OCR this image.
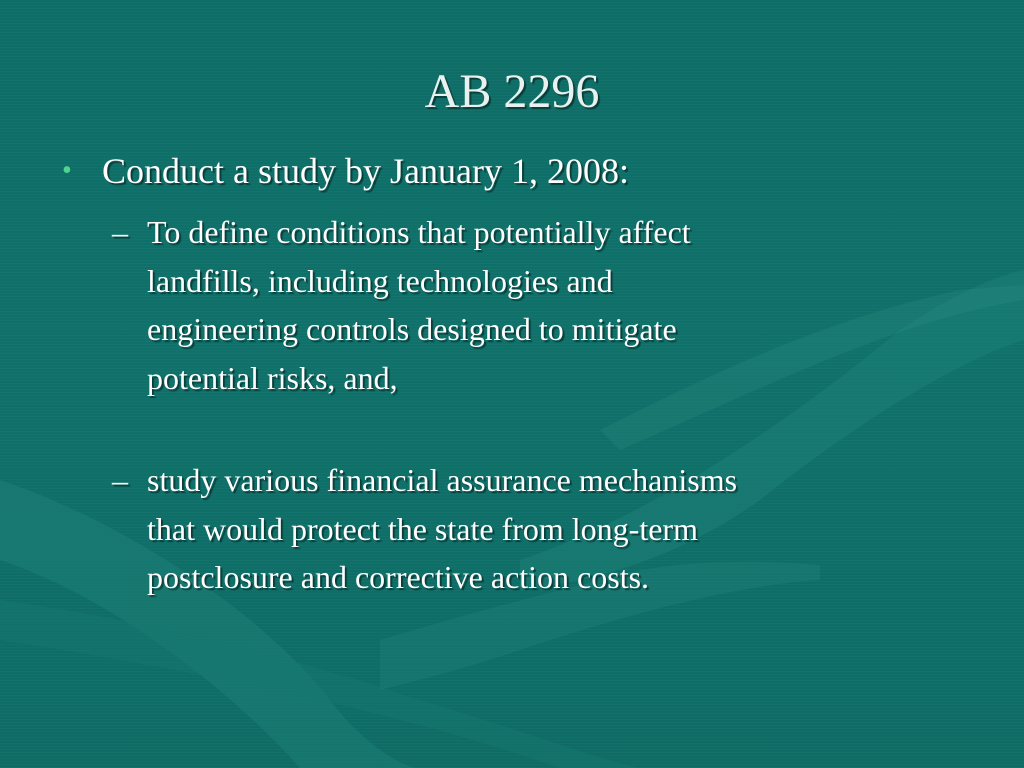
AB 2296
• Conduct a study by January 1, 2008:
– To define conditions that potentially affect
landfills, including technologies and
engineering controls designed to mitigate
potential risks, and,
– study various financial assurance mechanisms
that would protect the state from long-term
postclosure and corrective action costs.
